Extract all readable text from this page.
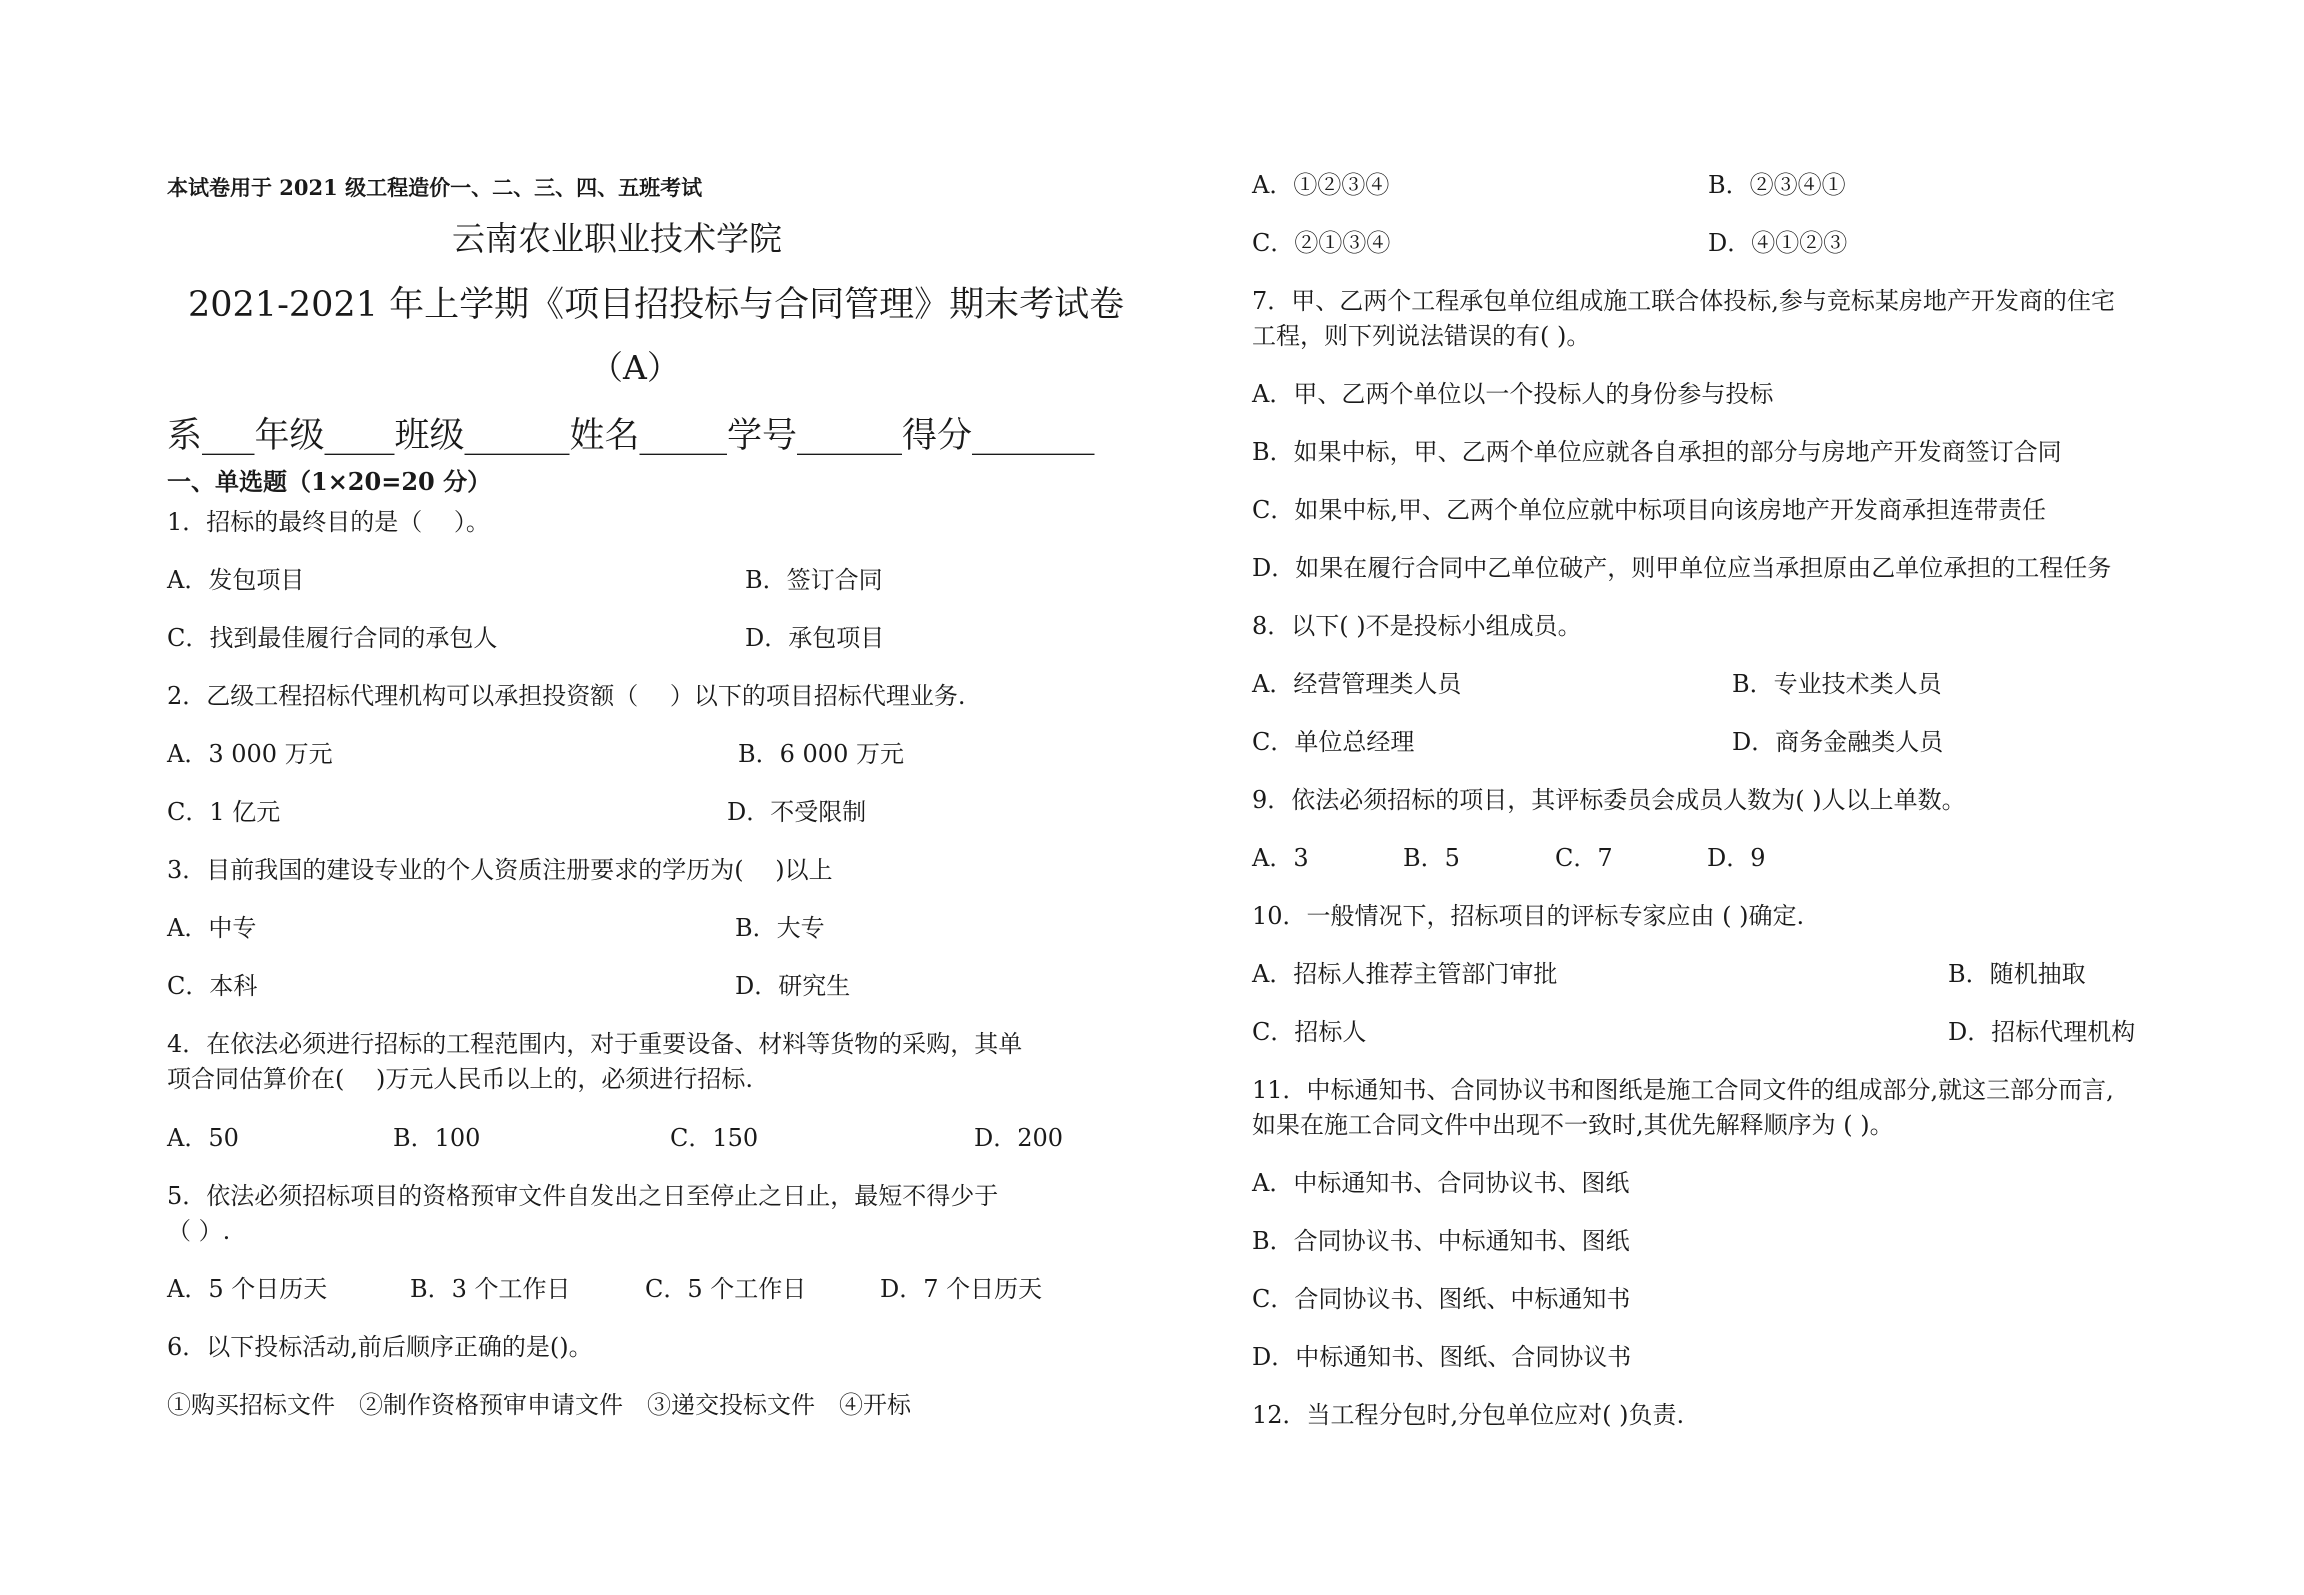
本试卷用于 2021 级工程造价一、二、三、四、五班考试
云南农业职业技术学院
2021-2021 年上学期《项目招投标与合同管理》期末考试卷
（A）
系___年级____班级______姓名_____学号______得分_______
一、单选题（1×20=20 分）
1．招标的最终目的是（　 ）。
A．发包项目	B．签订合同
C．找到最佳履行合同的承包人	D．承包项目
2．乙级工程招标代理机构可以承担投资额（　 ）以下的项目招标代理业务.
A．3 000 万元	B．6 000 万元
C．1 亿元	D．不受限制
3．目前我国的建设专业的个人资质注册要求的学历为(　 )以上
A．中专	B．大专
C．本科	D．研究生
4．在依法必须进行招标的工程范围内，对于重要设备、材料等货物的采购，其单
项合同估算价在(　 )万元人民币以上的，必须进行招标.
A．50	B．100	C．150	D．200
5．依法必须招标项目的资格预审文件自发出之日至停止之日止，最短不得少于
（ ）.
A．5 个日历天	B．3 个工作日	C．5 个工作日	D．7 个日历天
6．以下投标活动,前后顺序正确的是()。
①购买招标文件　②制作资格预审申请文件　③递交投标文件　④开标
A．①②③④	B．②③④①
C．②①③④	D．④①②③
7．甲、乙两个工程承包单位组成施工联合体投标,参与竞标某房地产开发商的住宅
工程，则下列说法错误的有( )。
A．甲、乙两个单位以一个投标人的身份参与投标
B．如果中标，甲、乙两个单位应就各自承担的部分与房地产开发商签订合同
C．如果中标,甲、乙两个单位应就中标项目向该房地产开发商承担连带责任
D．如果在履行合同中乙单位破产，则甲单位应当承担原由乙单位承担的工程任务
8．以下( )不是投标小组成员。
A．经营管理类人员	B．专业技术类人员
C．单位总经理	D．商务金融类人员
9．依法必须招标的项目，其评标委员会成员人数为( )人以上单数。
A．3	B．5	C．7	D．9
10．一般情况下，招标项目的评标专家应由 ( )确定.
A．招标人推荐主管部门审批	B．随机抽取
C．招标人	D．招标代理机构
11．中标通知书、合同协议书和图纸是施工合同文件的组成部分,就这三部分而言,
如果在施工合同文件中出现不一致时,其优先解释顺序为 ( )。
A．中标通知书、合同协议书、图纸
B．合同协议书、中标通知书、图纸
C．合同协议书、图纸、中标通知书
D．中标通知书、图纸、合同协议书
12．当工程分包时,分包单位应对( )负责.
